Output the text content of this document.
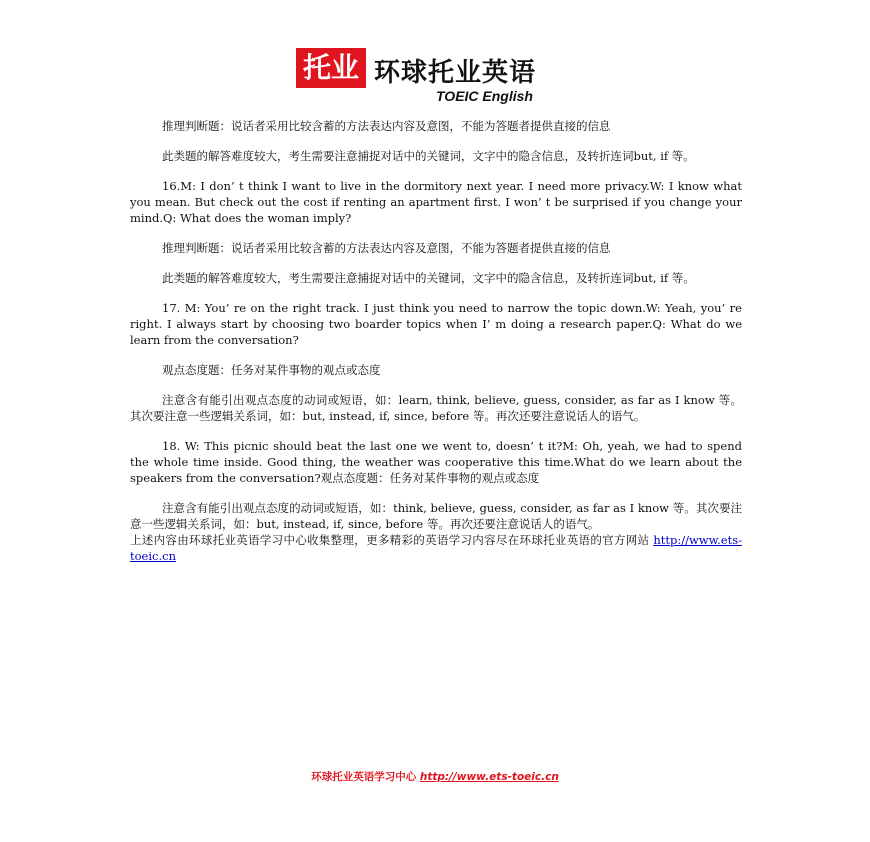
托业 环球托业英语
TOEIC English

推理判断题：说话者采用比较含蓄的方法表达内容及意图，不能为答题者提供直接的信息

此类题的解答难度较大，考生需要注意捕捉对话中的关键词，文字中的隐含信息，及转折连词but, if 等。

16.M: I don’ t think I want to live in the dormitory next year. I need more privacy.W: I know what you mean. But check out the cost if renting an apartment first. I won’ t be surprised if you change your mind.Q: What does the woman imply?

推理判断题：说话者采用比较含蓄的方法表达内容及意图，不能为答题者提供直接的信息

此类题的解答难度较大，考生需要注意捕捉对话中的关键词，文字中的隐含信息，及转折连词but, if 等。

17. M: You’ re on the right track. I just think you need to narrow the topic down.W: Yeah, you’ re right. I always start by choosing two boarder topics when I’ m doing a research paper.Q: What do we learn from the conversation?

观点态度题：任务对某件事物的观点或态度

注意含有能引出观点态度的动词或短语，如：learn, think, believe, guess, consider, as far as I know 等。其次要注意一些逻辑关系词，如：but, instead, if, since, before 等。再次还要注意说话人的语气。

18. W: This picnic should beat the last one we went to, doesn’ t it?M: Oh, yeah, we had to spend the whole time inside. Good thing, the weather was cooperative this time.What do we learn about the speakers from the conversation?观点态度题：任务对某件事物的观点或态度

注意含有能引出观点态度的动词或短语，如：think, believe, guess, consider, as far as I know 等。其次要注意一些逻辑关系词，如：but, instead, if, since, before 等。再次还要注意说话人的语气。

上述内容由环球托业英语学习中心收集整理，更多精彩的英语学习内容尽在环球托业英语的官方网站 http://www.ets-toeic.cn

环球托业英语学习中心 http://www.ets-toeic.cn
